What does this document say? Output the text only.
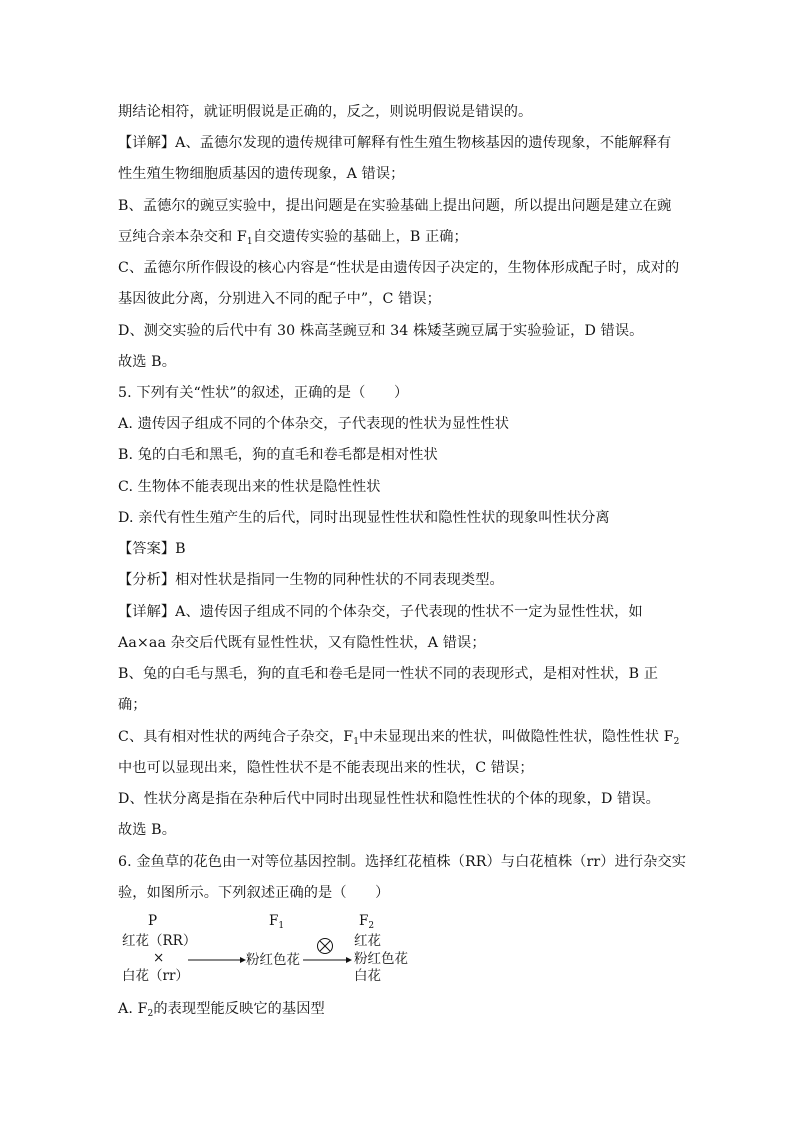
期结论相符，就证明假说是正确的，反之，则说明假说是错误的。
【详解】A、孟德尔发现的遗传规律可解释有性生殖生物核基因的遗传现象，不能解释有
性生殖生物细胞质基因的遗传现象，A 错误；
B、孟德尔的豌豆实验中，提出问题是在实验基础上提出问题，所以提出问题是建立在豌
豆纯合亲本杂交和 $F_1$自交遗传实验的基础上，B 正确；
C、孟德尔所作假设的核心内容是“性状是由遗传因子决定的，生物体形成配子时，成对的
基因彼此分离，分别进入不同的配子中”，C 错误；
D、测交实验的后代中有 30 株高茎豌豆和 34 株矮茎豌豆属于实验验证，D 错误。
故选 B。
5. 下列有关“性状”的叙述，正确的是（　　）
A. 遗传因子组成不同的个体杂交，子代表现的性状为显性性状
B. 兔的白毛和黑毛，狗的直毛和卷毛都是相对性状
C. 生物体不能表现出来的性状是隐性性状
D. 亲代有性生殖产生的后代，同时出现显性性状和隐性性状的现象叫性状分离
【答案】B
【分析】相对性状是指同一生物的同种性状的不同表现类型。
【详解】A、遗传因子组成不同的个体杂交，子代表现的性状不一定为显性性状，如
Aa×aa 杂交后代既有显性性状，又有隐性性状，A 错误；
B、兔的白毛与黑毛，狗的直毛和卷毛是同一性状不同的表现形式，是相对性状，B 正
确；
C、具有相对性状的两纯合子杂交，$F_1$中未显现出来的性状，叫做隐性性状，隐性性状 $F_2$
中也可以显现出来，隐性性状不是不能表现出来的性状，C 错误；
D、性状分离是指在杂种后代中同时出现显性性状和隐性性状的个体的现象，D 错误。
故选 B。
6. 金鱼草的花色由一对等位基因控制。选择红花植株（RR）与白花植株（rr）进行杂交实
验，如图所示。下列叙述正确的是（　　）
P	$F_1$	$F_2$
红花（RR）
×
白花（rr）
粉红色花
红花
粉红色花
白花
A. $F_2$的表现型能反映它的基因型
